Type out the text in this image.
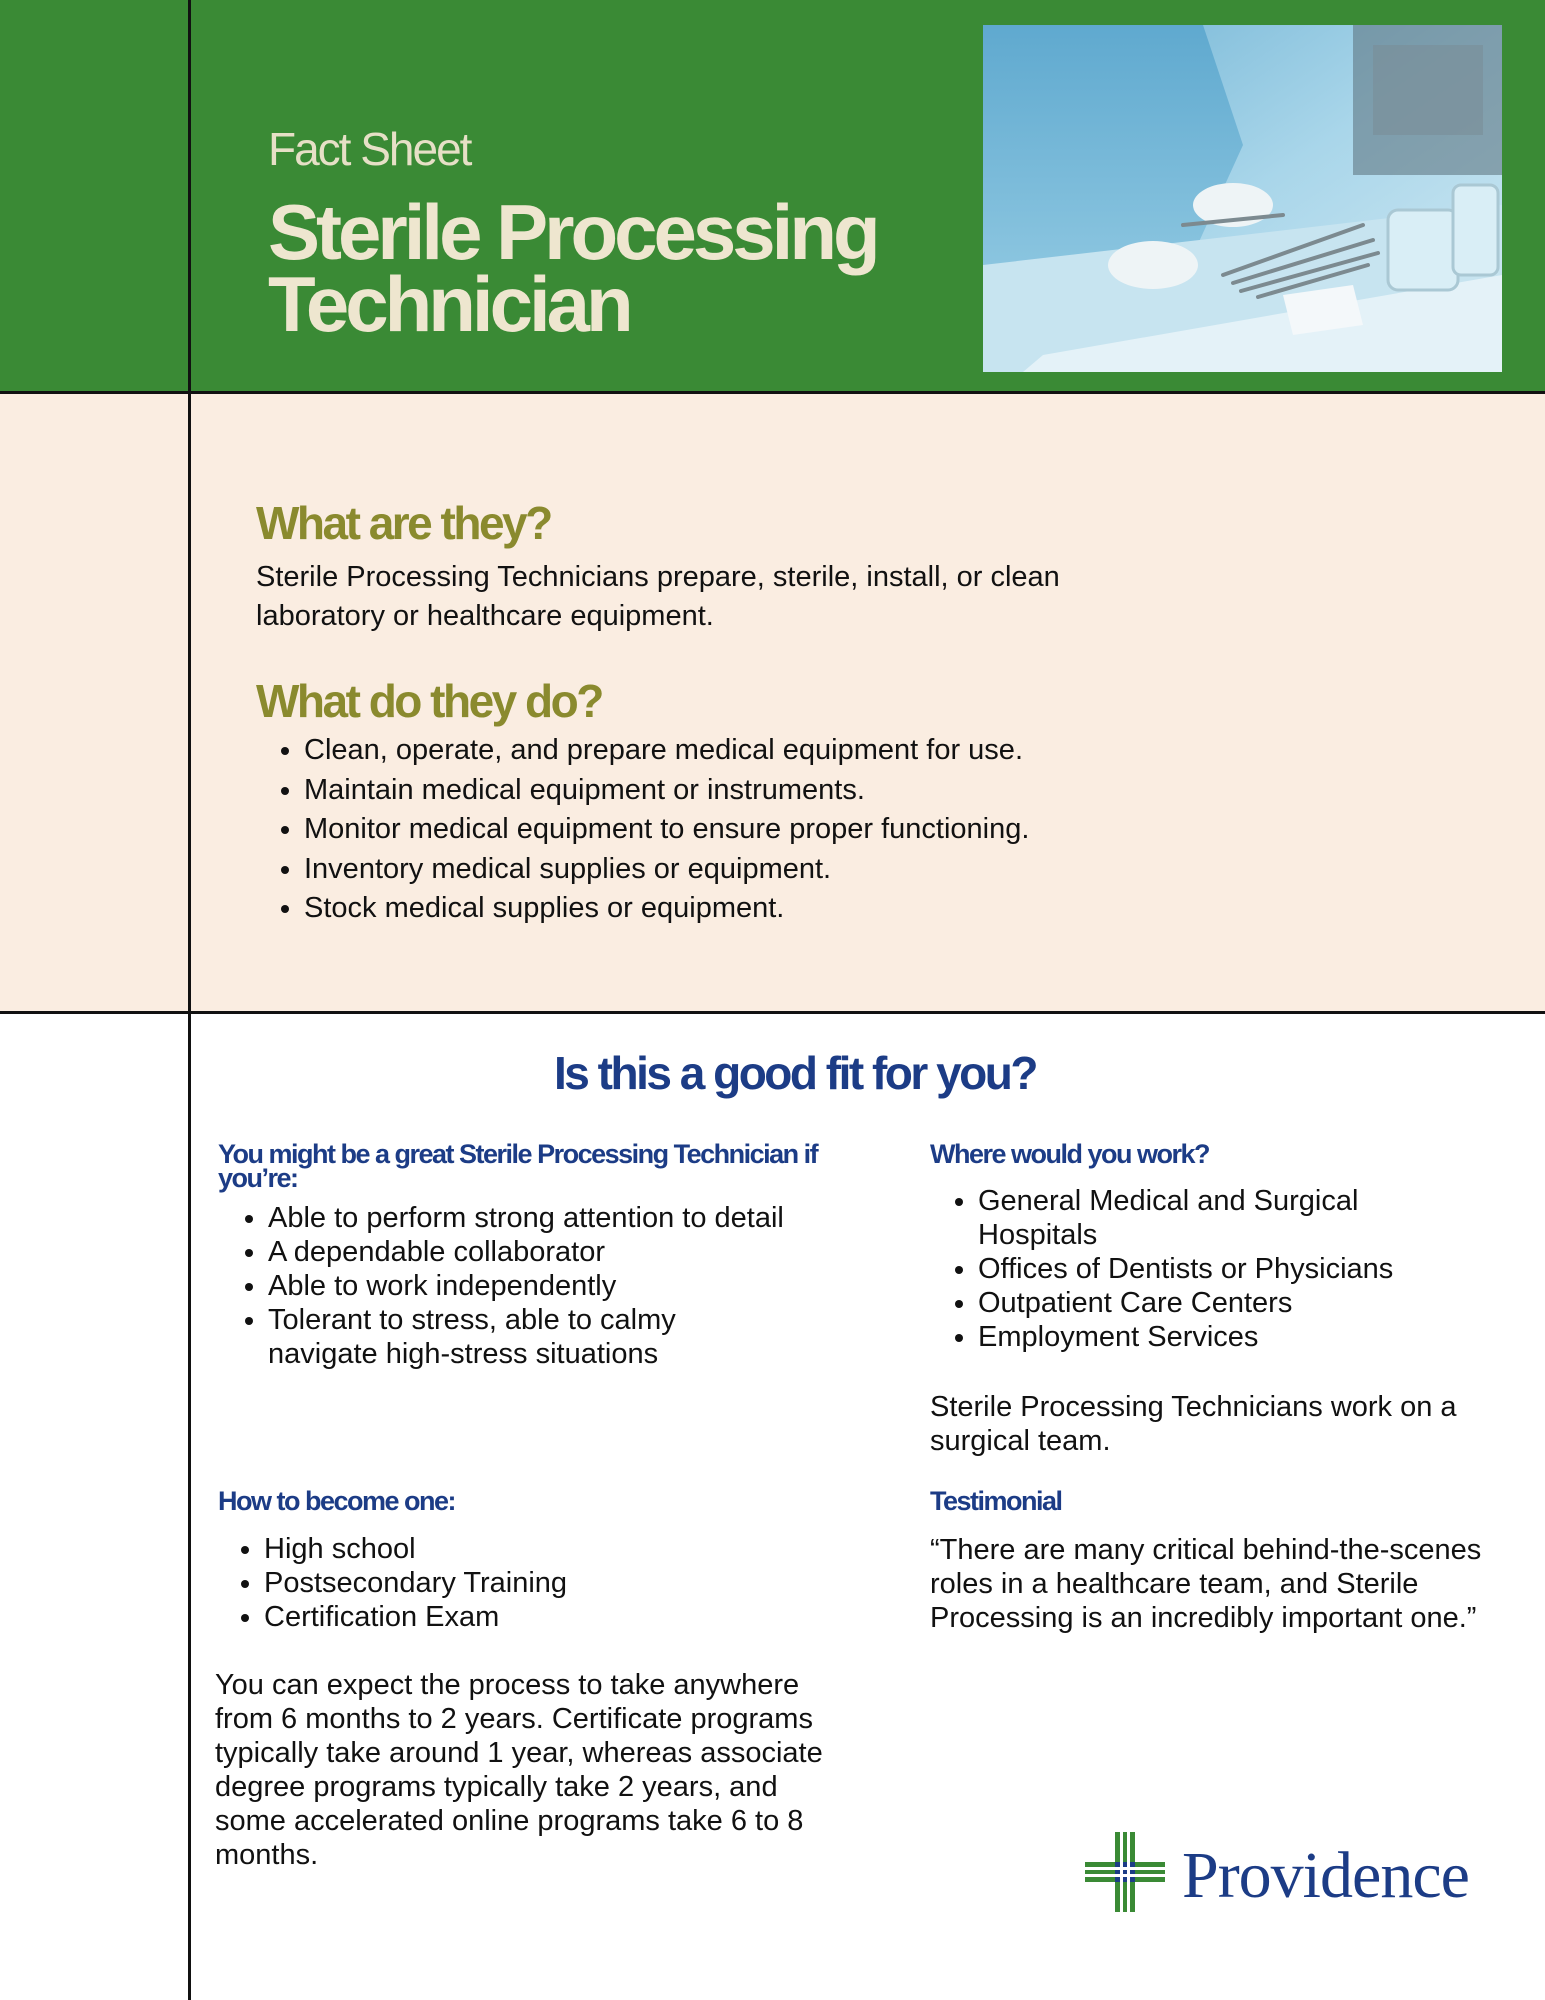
Fact Sheet
Sterile Processing
Technician
What are they?
Sterile Processing Technicians prepare, sterile, install, or clean laboratory or healthcare equipment.
What do they do?
• Clean, operate, and prepare medical equipment for use.
• Maintain medical equipment or instruments.
• Monitor medical equipment to ensure proper functioning.
• Inventory medical supplies or equipment.
• Stock medical supplies or equipment.
Is this a good fit for you?
You might be a great Sterile Processing Technician if you’re:
• Able to perform strong attention to detail
• A dependable collaborator
• Able to work independently
• Tolerant to stress, able to calmy navigate high-stress situations
How to become one:
• High school
• Postsecondary Training
• Certification Exam
You can expect the process to take anywhere from 6 months to 2 years. Certificate programs typically take around 1 year, whereas associate degree programs typically take 2 years, and some accelerated online programs take 6 to 8 months.
Where would you work?
• General Medical and Surgical Hospitals
• Offices of Dentists or Physicians
• Outpatient Care Centers
• Employment Services
Sterile Processing Technicians work on a surgical team.
Testimonial
“There are many critical behind-the-scenes roles in a healthcare team, and Sterile Processing is an incredibly important one.”
Providence
